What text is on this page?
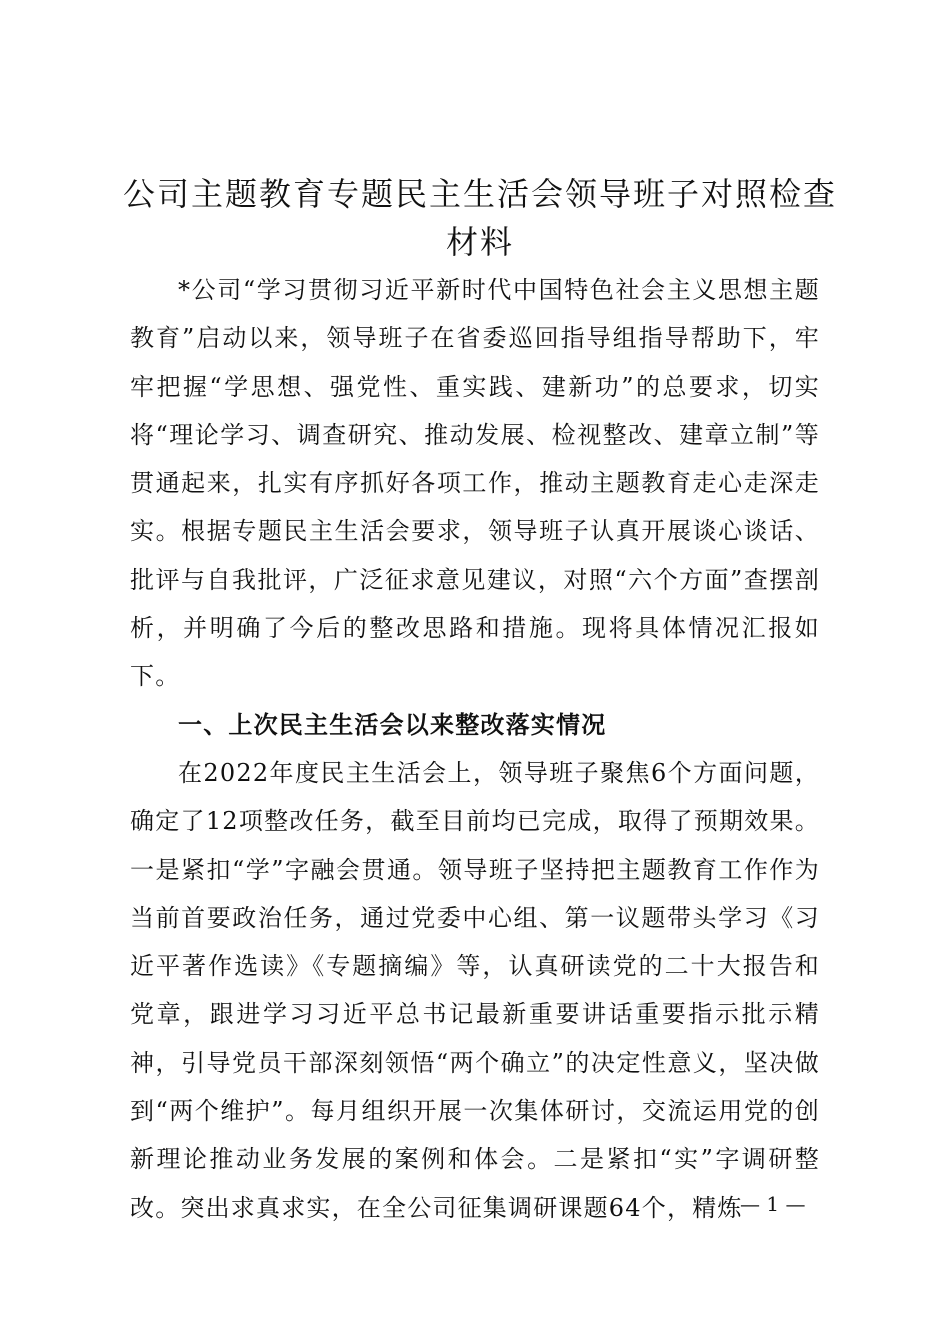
公司主题教育专题民主生活会领导班子对照检查材料

*公司“学习贯彻习近平新时代中国特色社会主义思想主题教育”启动以来，领导班子在省委巡回指导组指导帮助下，牢牢把握“学思想、强党性、重实践、建新功”的总要求，切实将“理论学习、调查研究、推动发展、检视整改、建章立制”等贯通起来，扎实有序抓好各项工作，推动主题教育走心走深走实。根据专题民主生活会要求，领导班子认真开展谈心谈话、批评与自我批评，广泛征求意见建议，对照“六个方面”查摆剖析，并明确了今后的整改思路和措施。现将具体情况汇报如下。

一、上次民主生活会以来整改落实情况

在2022年度民主生活会上，领导班子聚焦6个方面问题，确定了12项整改任务，截至目前均已完成，取得了预期效果。一是紧扣“学”字融会贯通。领导班子坚持把主题教育工作作为当前首要政治任务，通过党委中心组、第一议题带头学习《习近平著作选读》《专题摘编》等，认真研读党的二十大报告和党章，跟进学习习近平总书记最新重要讲话重要指示批示精神，引导党员干部深刻领悟“两个确立”的决定性意义，坚决做到“两个维护”。每月组织开展一次集体研讨，交流运用党的创新理论推动业务发展的案例和体会。二是紧扣“实”字调研整改。突出求真求实，在全公司征集调研课题64个，精炼

— 1 —
